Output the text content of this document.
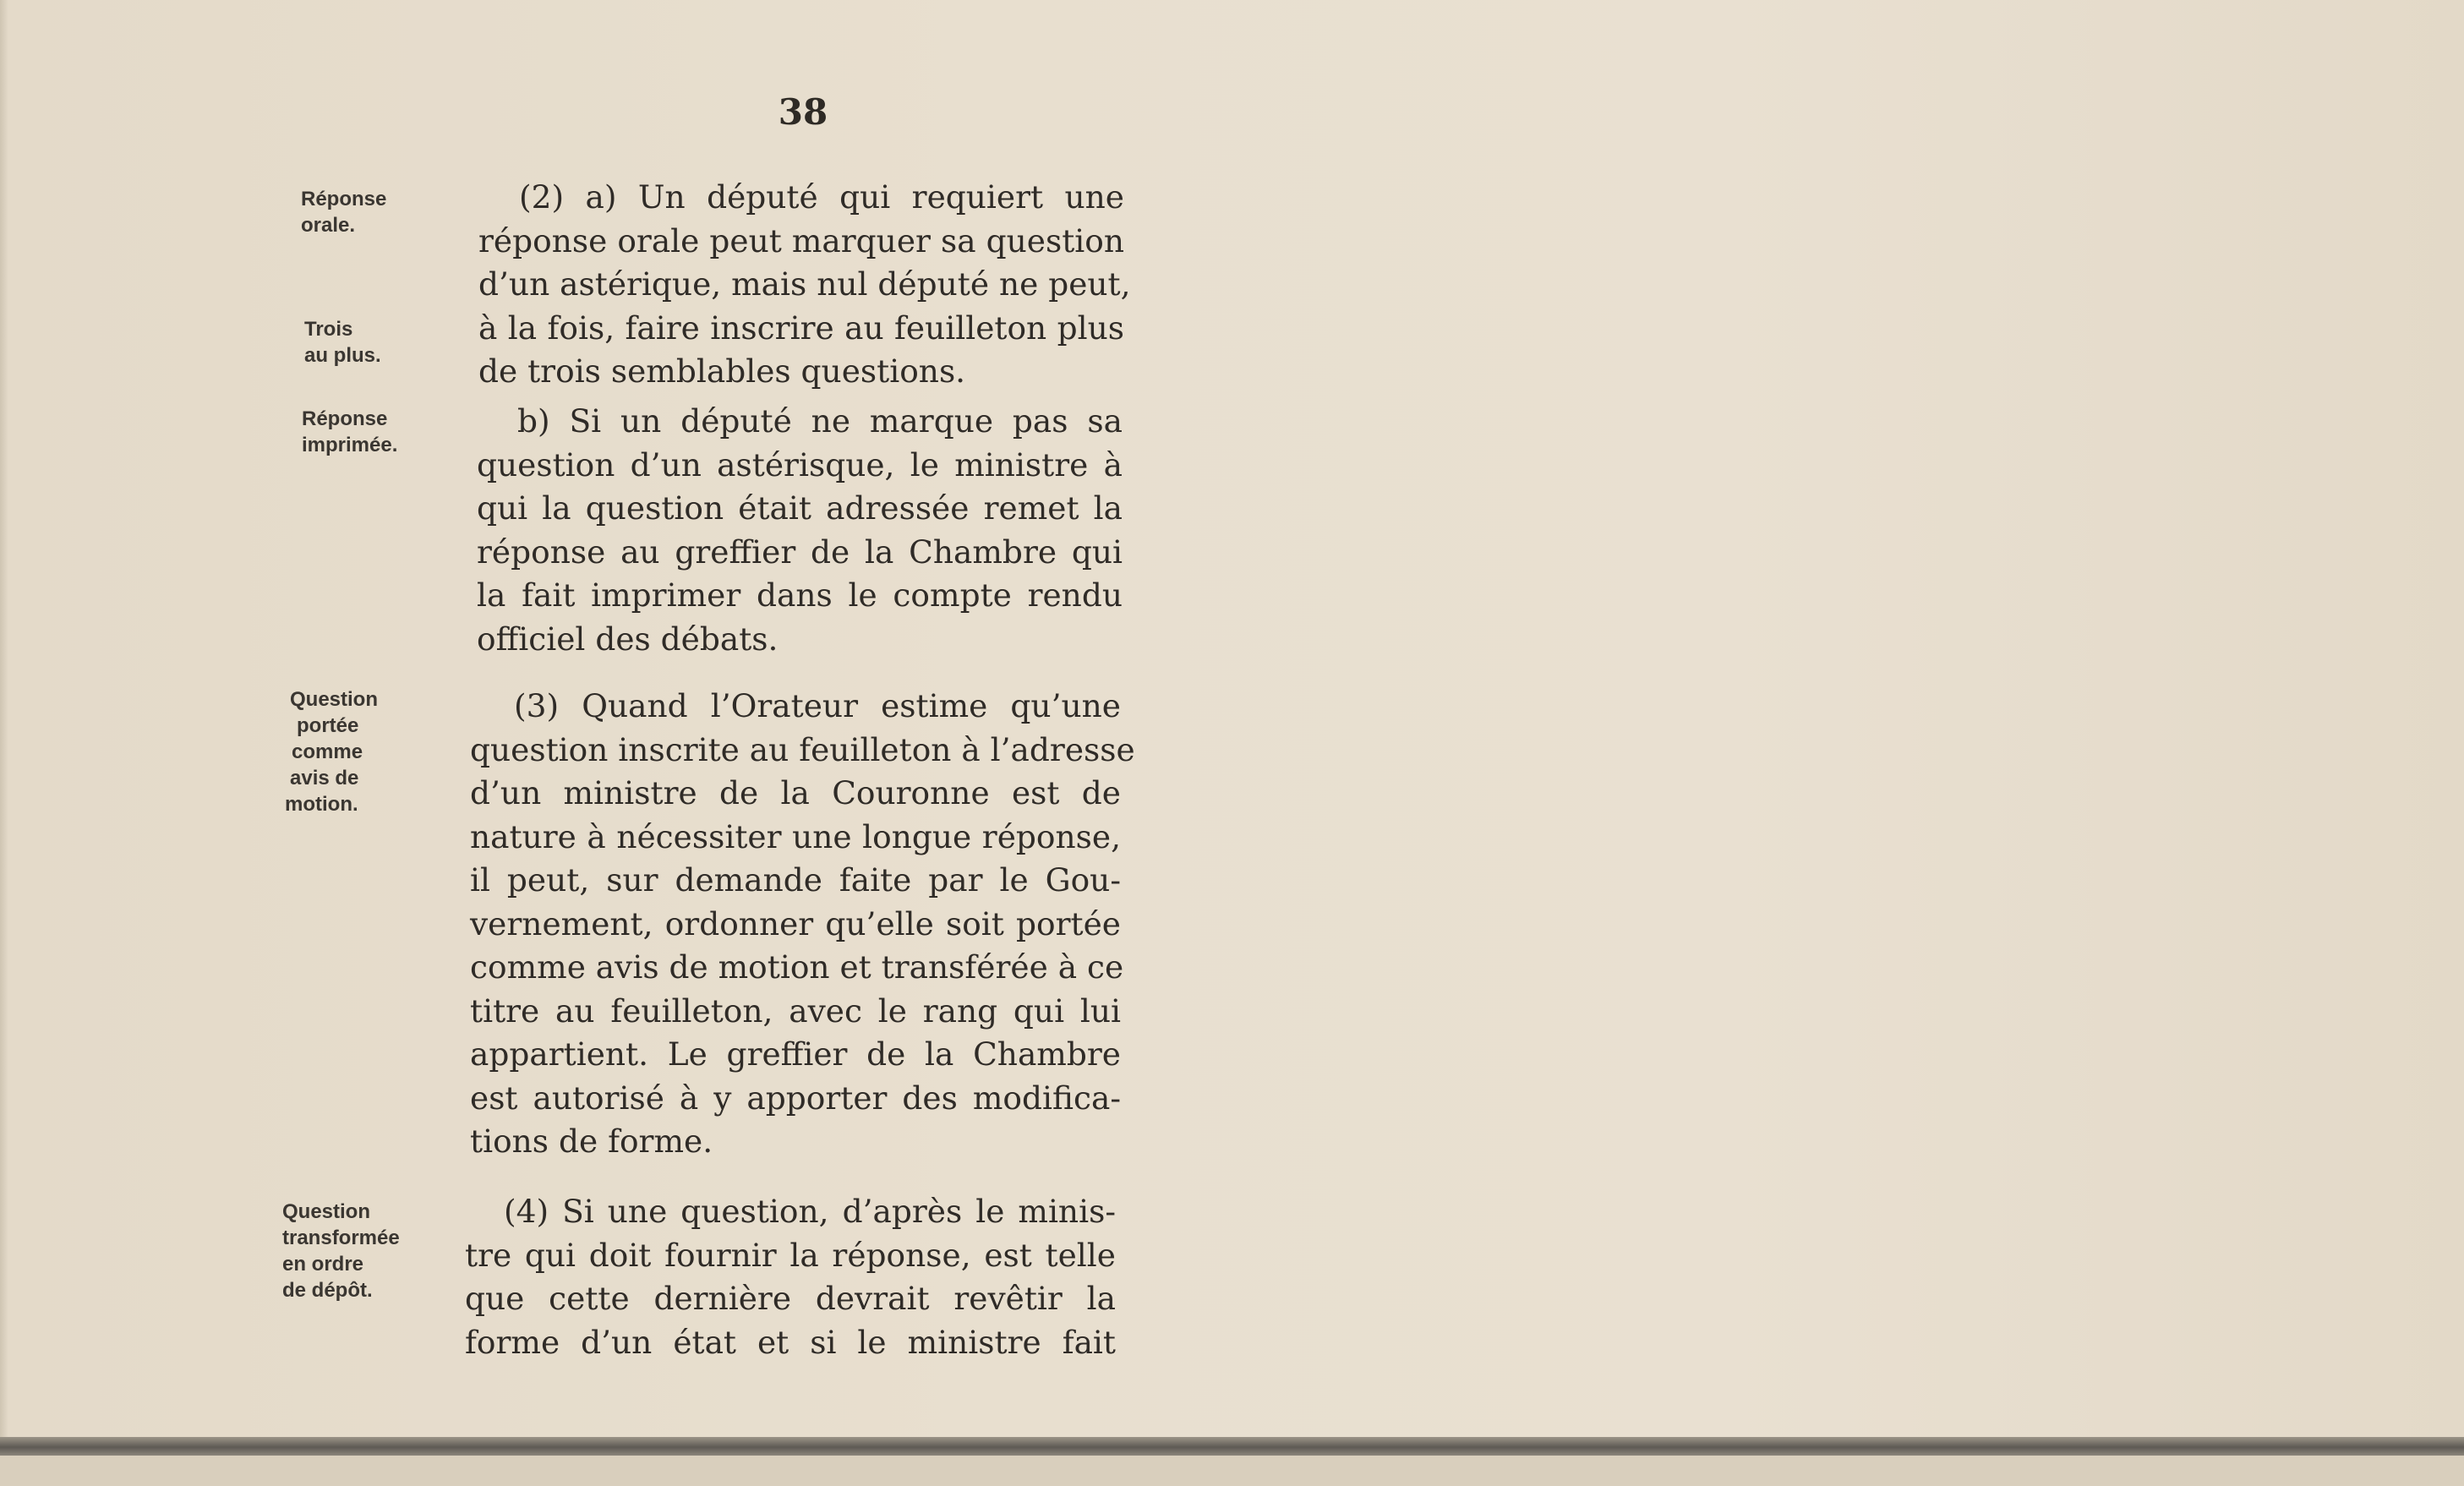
38
Réponse
orale.
Trois
au plus.
Réponse
imprimée.
Question
portée
comme
avis de
motion.
Question
transformée
en ordre
de dépôt.
(2) a) Un député qui requiert une
réponse orale peut marquer sa question
d’un astérique, mais nul député ne peut,
à la fois, faire inscrire au feuilleton plus
de trois semblables questions.
b) Si un député ne marque pas sa
question d’un astérisque, le ministre à
qui la question était adressée remet la
réponse au greffier de la Chambre qui
la fait imprimer dans le compte rendu
officiel des débats.
(3) Quand l’Orateur estime qu’une
question inscrite au feuilleton à l’adresse
d’un ministre de la Couronne est de
nature à nécessiter une longue réponse,
il peut, sur demande faite par le Gou-
vernement, ordonner qu’elle soit portée
comme avis de motion et transférée à ce
titre au feuilleton, avec le rang qui lui
appartient. Le greffier de la Chambre
est autorisé à y apporter des modifica-
tions de forme.
(4) Si une question, d’après le minis-
tre qui doit fournir la réponse, est telle
que cette dernière devrait revêtir la
forme d’un état et si le ministre fait
